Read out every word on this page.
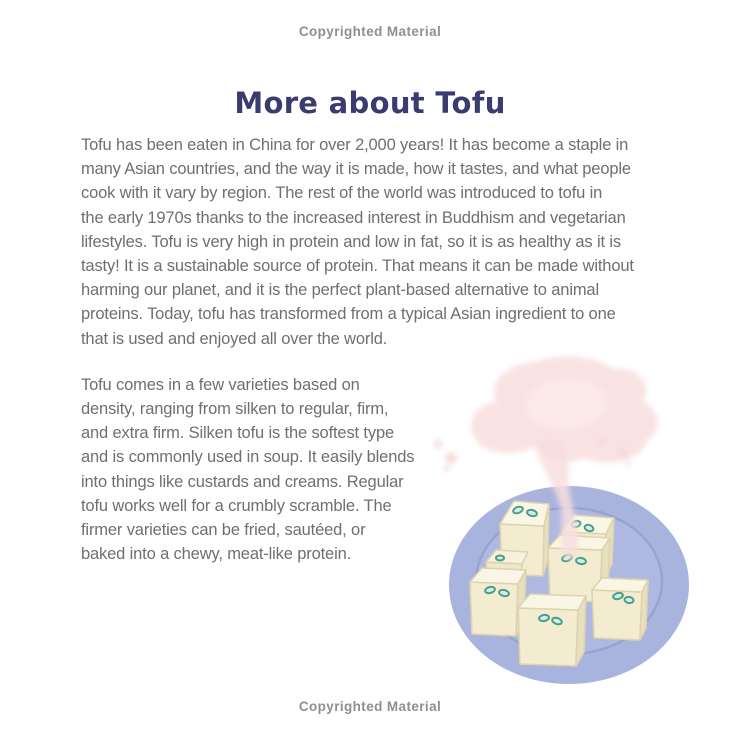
Copyrighted Material
More about Tofu
Tofu has been eaten in China for over 2,000 years! It has become a staple in
many Asian countries, and the way it is made, how it tastes, and what people
cook with it vary by region. The rest of the world was introduced to tofu in
the early 1970s thanks to the increased interest in Buddhism and vegetarian
lifestyles. Tofu is very high in protein and low in fat, so it is as healthy as it is
tasty! It is a sustainable source of protein. That means it can be made without
harming our planet, and it is the perfect plant-based alternative to animal
proteins. Today, tofu has transformed from a typical Asian ingredient to one
that is used and enjoyed all over the world.
Tofu comes in a few varieties based on
density, ranging from silken to regular, firm,
and extra firm. Silken tofu is the softest type
and is commonly used in soup. It easily blends
into things like custards and creams. Regular
tofu works well for a crumbly scramble. The
firmer varieties can be fried, sautéed, or
baked into a chewy, meat-like protein.
Copyrighted Material
